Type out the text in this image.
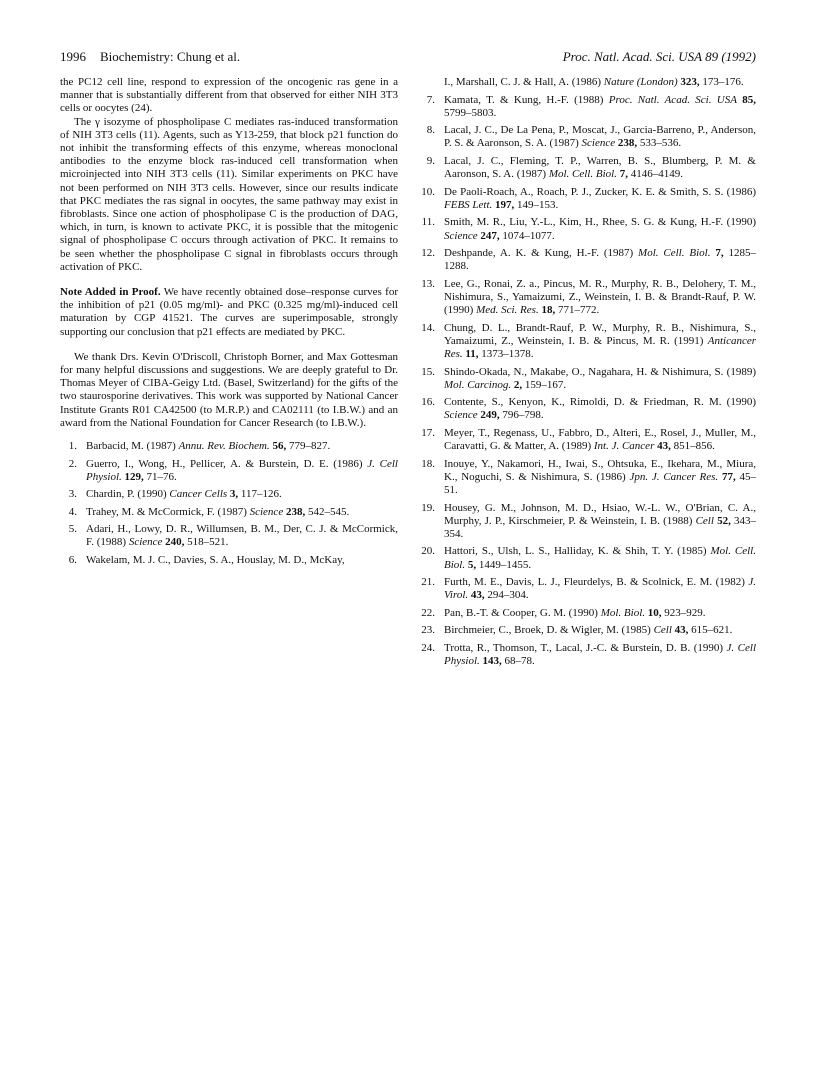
1996 Biochemistry: Chung et al.	Proc. Natl. Acad. Sci. USA 89 (1992)

the PC12 cell line, respond to expression of the oncogenic ras gene in a manner that is substantially different from that observed for either NIH 3T3 cells or oocytes (24).

The γ isozyme of phospholipase C mediates ras-induced transformation of NIH 3T3 cells (11). Agents, such as Y13-259, that block p21 function do not inhibit the transforming effects of this enzyme, whereas monoclonal antibodies to the enzyme block ras-induced cell transformation when microinjected into NIH 3T3 cells (11). Similar experiments on PKC have not been performed on NIH 3T3 cells. However, since our results indicate that PKC mediates the ras signal in oocytes, the same pathway may exist in fibroblasts. Since one action of phospholipase C is the production of DAG, which, in turn, is known to activate PKC, it is possible that the mitogenic signal of phospholipase C occurs through activation of PKC. It remains to be seen whether the phospholipase C signal in fibroblasts occurs through activation of PKC.

Note Added in Proof. We have recently obtained dose–response curves for the inhibition of p21 (0.05 mg/ml)- and PKC (0.325 mg/ml)-induced cell maturation by CGP 41521. The curves are superimposable, strongly supporting our conclusion that p21 effects are mediated by PKC.

We thank Drs. Kevin O'Driscoll, Christoph Borner, and Max Gottesman for many helpful discussions and suggestions. We are deeply grateful to Dr. Thomas Meyer of CIBA-Geigy Ltd. (Basel, Switzerland) for the gifts of the two staurosporine derivatives. This work was supported by National Cancer Institute Grants R01 CA42500 (to M.R.P.) and CA02111 (to I.B.W.) and an award from the National Foundation for Cancer Research (to I.B.W.).

1. Barbacid, M. (1987) Annu. Rev. Biochem. 56, 779–827.
2. Guerro, I., Wong, H., Pellicer, A. & Burstein, D. E. (1986) J. Cell Physiol. 129, 71–76.
3. Chardin, P. (1990) Cancer Cells 3, 117–126.
4. Trahey, M. & McCormick, F. (1987) Science 238, 542–545.
5. Adari, H., Lowy, D. R., Willumsen, B. M., Der, C. J. & McCormick, F. (1988) Science 240, 518–521.
6. Wakelam, M. J. C., Davies, S. A., Houslay, M. D., McKay,
I., Marshall, C. J. & Hall, A. (1986) Nature (London) 323, 173–176.
7. Kamata, T. & Kung, H.-F. (1988) Proc. Natl. Acad. Sci. USA 85, 5799–5803.
8. Lacal, J. C., De La Pena, P., Moscat, J., Garcia-Barreno, P., Anderson, P. S. & Aaronson, S. A. (1987) Science 238, 533–536.
9. Lacal, J. C., Fleming, T. P., Warren, B. S., Blumberg, P. M. & Aaronson, S. A. (1987) Mol. Cell. Biol. 7, 4146–4149.
10. De Paoli-Roach, A., Roach, P. J., Zucker, K. E. & Smith, S. S. (1986) FEBS Lett. 197, 149–153.
11. Smith, M. R., Liu, Y.-L., Kim, H., Rhee, S. G. & Kung, H.-F. (1990) Science 247, 1074–1077.
12. Deshpande, A. K. & Kung, H.-F. (1987) Mol. Cell. Biol. 7, 1285–1288.
13. Lee, G., Ronai, Z. a., Pincus, M. R., Murphy, R. B., Delohery, T. M., Nishimura, S., Yamaizumi, Z., Weinstein, I. B. & Brandt-Rauf, P. W. (1990) Med. Sci. Res. 18, 771–772.
14. Chung, D. L., Brandt-Rauf, P. W., Murphy, R. B., Nishimura, S., Yamaizumi, Z., Weinstein, I. B. & Pincus, M. R. (1991) Anticancer Res. 11, 1373–1378.
15. Shindo-Okada, N., Makabe, O., Nagahara, H. & Nishimura, S. (1989) Mol. Carcinog. 2, 159–167.
16. Contente, S., Kenyon, K., Rimoldi, D. & Friedman, R. M. (1990) Science 249, 796–798.
17. Meyer, T., Regenass, U., Fabbro, D., Alteri, E., Rosel, J., Muller, M., Caravatti, G. & Matter, A. (1989) Int. J. Cancer 43, 851–856.
18. Inouye, Y., Nakamori, H., Iwai, S., Ohtsuka, E., Ikehara, M., Miura, K., Noguchi, S. & Nishimura, S. (1986) Jpn. J. Cancer Res. 77, 45–51.
19. Housey, G. M., Johnson, M. D., Hsiao, W.-L. W., O'Brian, C. A., Murphy, J. P., Kirschmeier, P. & Weinstein, I. B. (1988) Cell 52, 343–354.
20. Hattori, S., Ulsh, L. S., Halliday, K. & Shih, T. Y. (1985) Mol. Cell. Biol. 5, 1449–1455.
21. Furth, M. E., Davis, L. J., Fleurdelys, B. & Scolnick, E. M. (1982) J. Virol. 43, 294–304.
22. Pan, B.-T. & Cooper, G. M. (1990) Mol. Biol. 10, 923–929.
23. Birchmeier, C., Broek, D. & Wigler, M. (1985) Cell 43, 615–621.
24. Trotta, R., Thomson, T., Lacal, J.-C. & Burstein, D. B. (1990) J. Cell Physiol. 143, 68–78.
